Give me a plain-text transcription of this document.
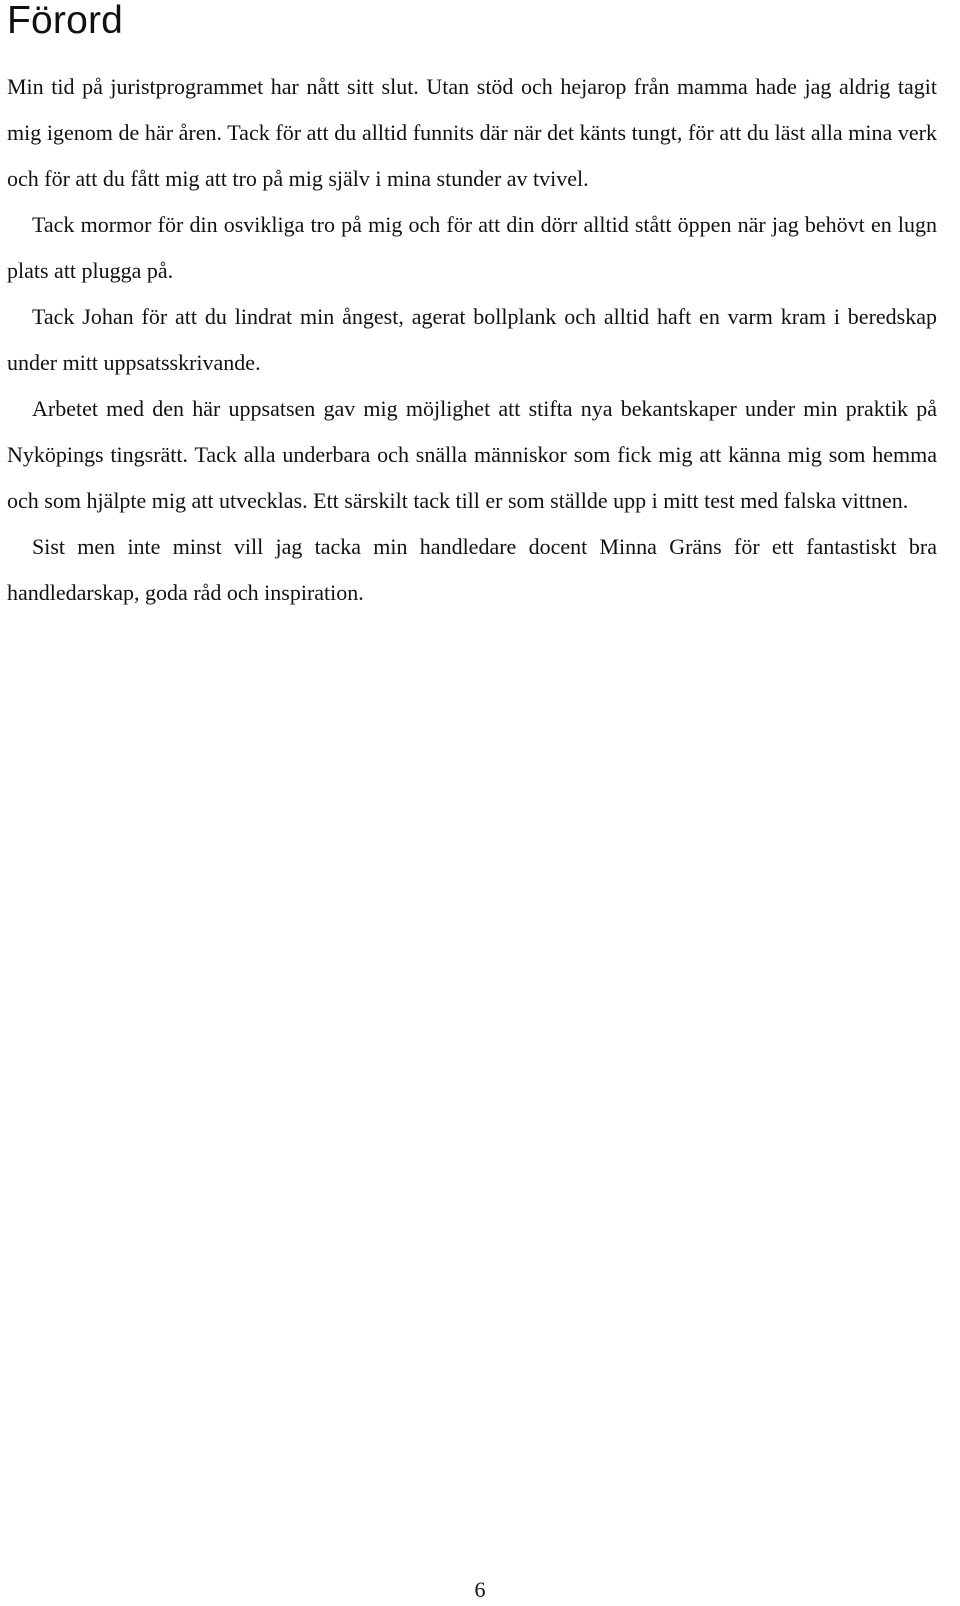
Förord

Min tid på juristprogrammet har nått sitt slut. Utan stöd och hejarop från mamma hade jag aldrig tagit mig igenom de här åren. Tack för att du alltid funnits där när det känts tungt, för att du läst alla mina verk och för att du fått mig att tro på mig själv i mina stunder av tvivel.

Tack mormor för din osvikliga tro på mig och för att din dörr alltid stått öppen när jag behövt en lugn plats att plugga på.

Tack Johan för att du lindrat min ångest, agerat bollplank och alltid haft en varm kram i beredskap under mitt uppsatsskrivande.

Arbetet med den här uppsatsen gav mig möjlighet att stifta nya bekantskaper under min praktik på Nyköpings tingsrätt. Tack alla underbara och snälla människor som fick mig att känna mig som hemma och som hjälpte mig att utvecklas. Ett särskilt tack till er som ställde upp i mitt test med falska vittnen.

Sist men inte minst vill jag tacka min handledare docent Minna Gräns för ett fantastiskt bra handledarskap, goda råd och inspiration.

6
